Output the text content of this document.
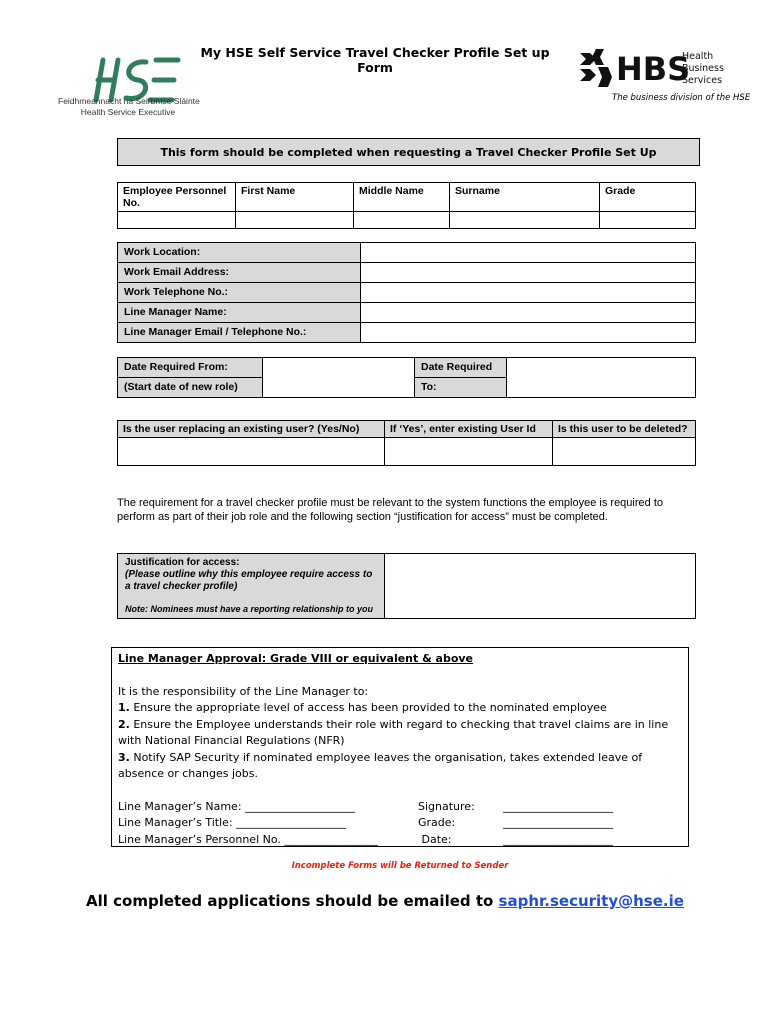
Feidhmeannacht na Seirbhíse Sláinte
Health Service Executive
My HSE Self Service Travel Checker Profile Set up Form	HBS
Health
Business
Services
The business division of the HSE
This form should be completed when requesting a Travel Checker Profile Set Up
Employee Personnel No.	First Name	Middle Name	Surname	Grade

Work Location:	
Work Email Address:	
Work Telephone No.:	
Line Manager Name:	
Line Manager Email / Telephone No.:	
Date Required From:		Date Required	
(Start date of new role)		To:	
Is the user replacing an existing user? (Yes/No)	If ‘Yes’, enter existing User Id	Is this user to be deleted?

The requirement for a travel checker profile must be relevant to the system functions the employee is required to perform as part of their job role and the following section “justification for access” must be completed.
Justification for access:
(Please outline why this employee require access to a travel checker profile)
Note: Nominees must have a reporting relationship to you

Line Manager Approval: Grade VIII or equivalent & above

It is the responsibility of the Line Manager to:

1. Ensure the appropriate level of access has been provided to the nominated employee

2. Ensure the Employee understands their role with regard to checking that travel claims are in line with National Financial Regulations (NFR)

3. Notify SAP Security if nominated employee leaves the organisation, takes extended leave of absence or changes jobs.

Line Manager’s Name: ____________________	Signature:	____________________
Line Manager’s Title: ____________________	Grade:	____________________
Line Manager’s Personnel No. _________________	Date:	____________________
Incomplete Forms will be Returned to Sender
All completed applications should be emailed to saphr.security@hse.ie
